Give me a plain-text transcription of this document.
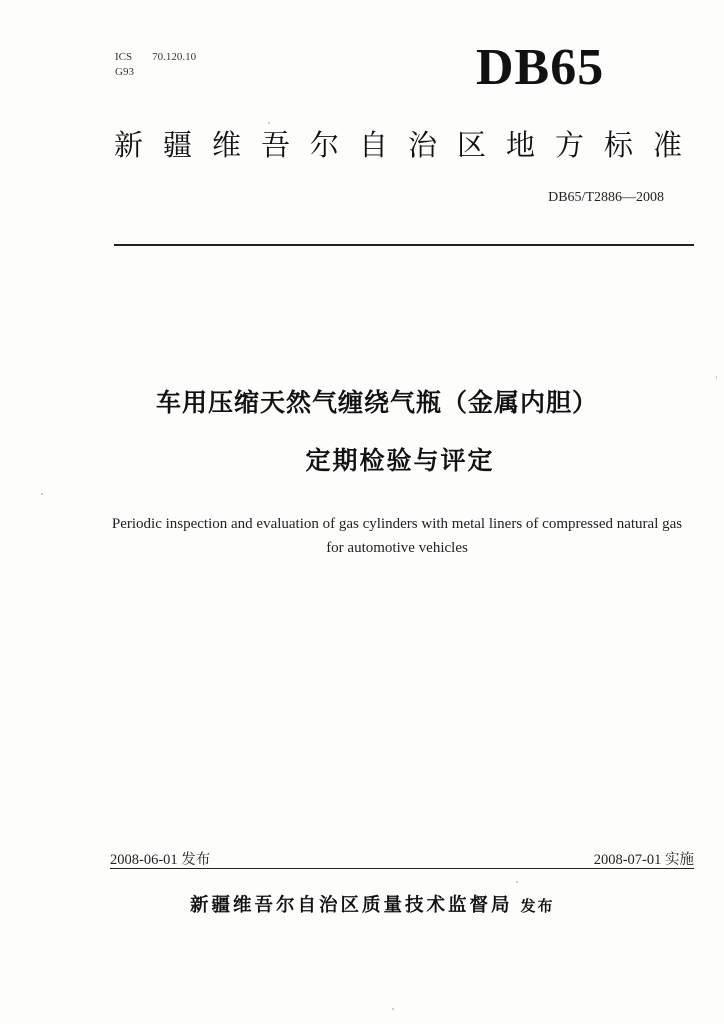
ICS 70.120.10
G93	DB65
新疆维吾尔自治区地方标准
DB65/T2886—2008
车用压缩天然气缠绕气瓶（金属内胆）
定期检验与评定
Periodic inspection and evaluation of gas cylinders with metal liners of compressed natural gas for automotive vehicles
2008-06-01 发布	2008-07-01 实施
新疆维吾尔自治区质量技术监督局 发布
